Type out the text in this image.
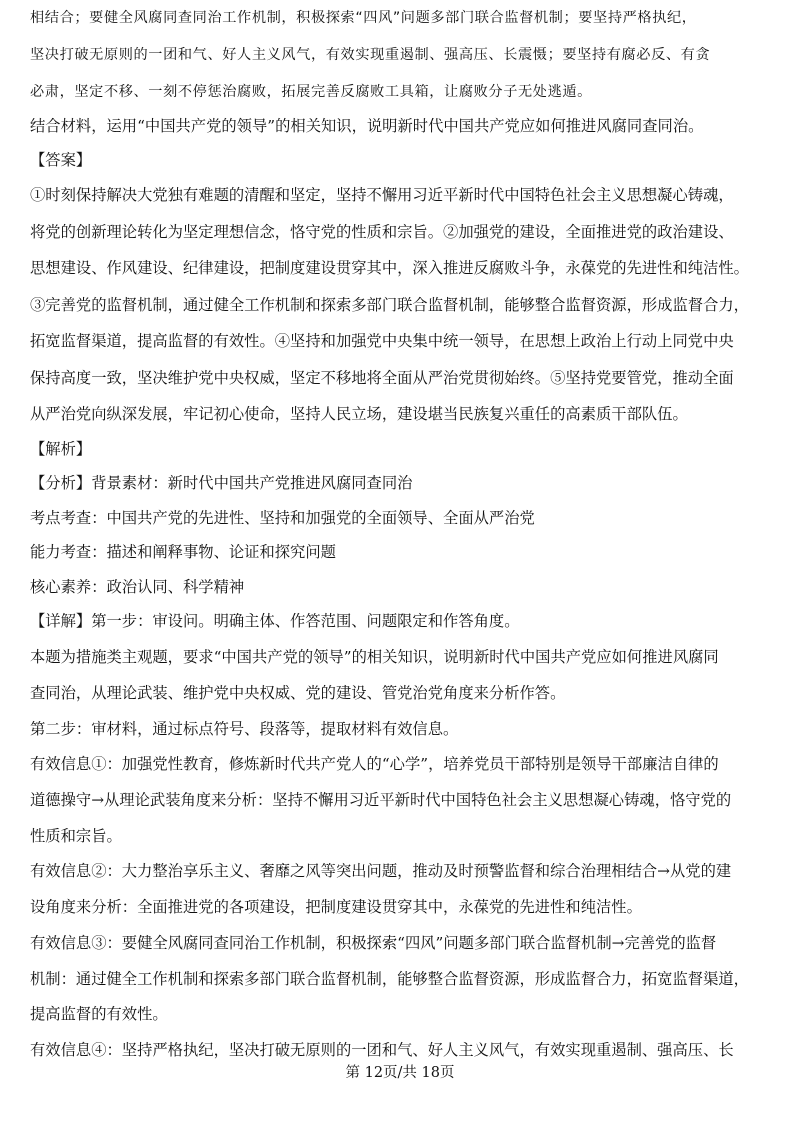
相结合；要健全风腐同查同治工作机制，积极探索“四风”问题多部门联合监督机制；要坚持严格执纪，
坚决打破无原则的一团和气、好人主义风气，有效实现重遏制、强高压、长震慑；要坚持有腐必反、有贪
必肃，坚定不移、一刻不停惩治腐败，拓展完善反腐败工具箱，让腐败分子无处逃遁。
结合材料，运用“中国共产党的领导”的相关知识，说明新时代中国共产党应如何推进风腐同查同治。
【答案】
①时刻保持解决大党独有难题的清醒和坚定，坚持不懈用习近平新时代中国特色社会主义思想凝心铸魂，
将党的创新理论转化为坚定理想信念，恪守党的性质和宗旨。②加强党的建设，全面推进党的政治建设、
思想建设、作风建设、纪律建设，把制度建设贯穿其中，深入推进反腐败斗争，永葆党的先进性和纯洁性。
③完善党的监督机制，通过健全工作机制和探索多部门联合监督机制，能够整合监督资源，形成监督合力，
拓宽监督渠道，提高监督的有效性。④坚持和加强党中央集中统一领导，在思想上政治上行动上同党中央
保持高度一致，坚决维护党中央权威，坚定不移地将全面从严治党贯彻始终。⑤坚持党要管党，推动全面
从严治党向纵深发展，牢记初心使命，坚持人民立场，建设堪当民族复兴重任的高素质干部队伍。
【解析】
【分析】背景素材：新时代中国共产党推进风腐同查同治
考点考查：中国共产党的先进性、坚持和加强党的全面领导、全面从严治党
能力考查：描述和阐释事物、论证和探究问题
核心素养：政治认同、科学精神
【详解】第一步：审设问。明确主体、作答范围、问题限定和作答角度。
本题为措施类主观题，要求“中国共产党的领导”的相关知识，说明新时代中国共产党应如何推进风腐同
查同治，从理论武装、维护党中央权威、党的建设、管党治党角度来分析作答。
第二步：审材料，通过标点符号、段落等，提取材料有效信息。
有效信息①：加强党性教育，修炼新时代共产党人的“心学”，培养党员干部特别是领导干部廉洁自律的
道德操守→从理论武装角度来分析：坚持不懈用习近平新时代中国特色社会主义思想凝心铸魂，恪守党的
性质和宗旨。
有效信息②：大力整治享乐主义、奢靡之风等突出问题，推动及时预警监督和综合治理相结合→从党的建
设角度来分析：全面推进党的各项建设，把制度建设贯穿其中，永葆党的先进性和纯洁性。
有效信息③：要健全风腐同查同治工作机制，积极探索“四风”问题多部门联合监督机制→完善党的监督
机制：通过健全工作机制和探索多部门联合监督机制，能够整合监督资源，形成监督合力，拓宽监督渠道，
提高监督的有效性。
有效信息④：坚持严格执纪，坚决打破无原则的一团和气、好人主义风气，有效实现重遏制、强高压、长
第 12页/共 18页
